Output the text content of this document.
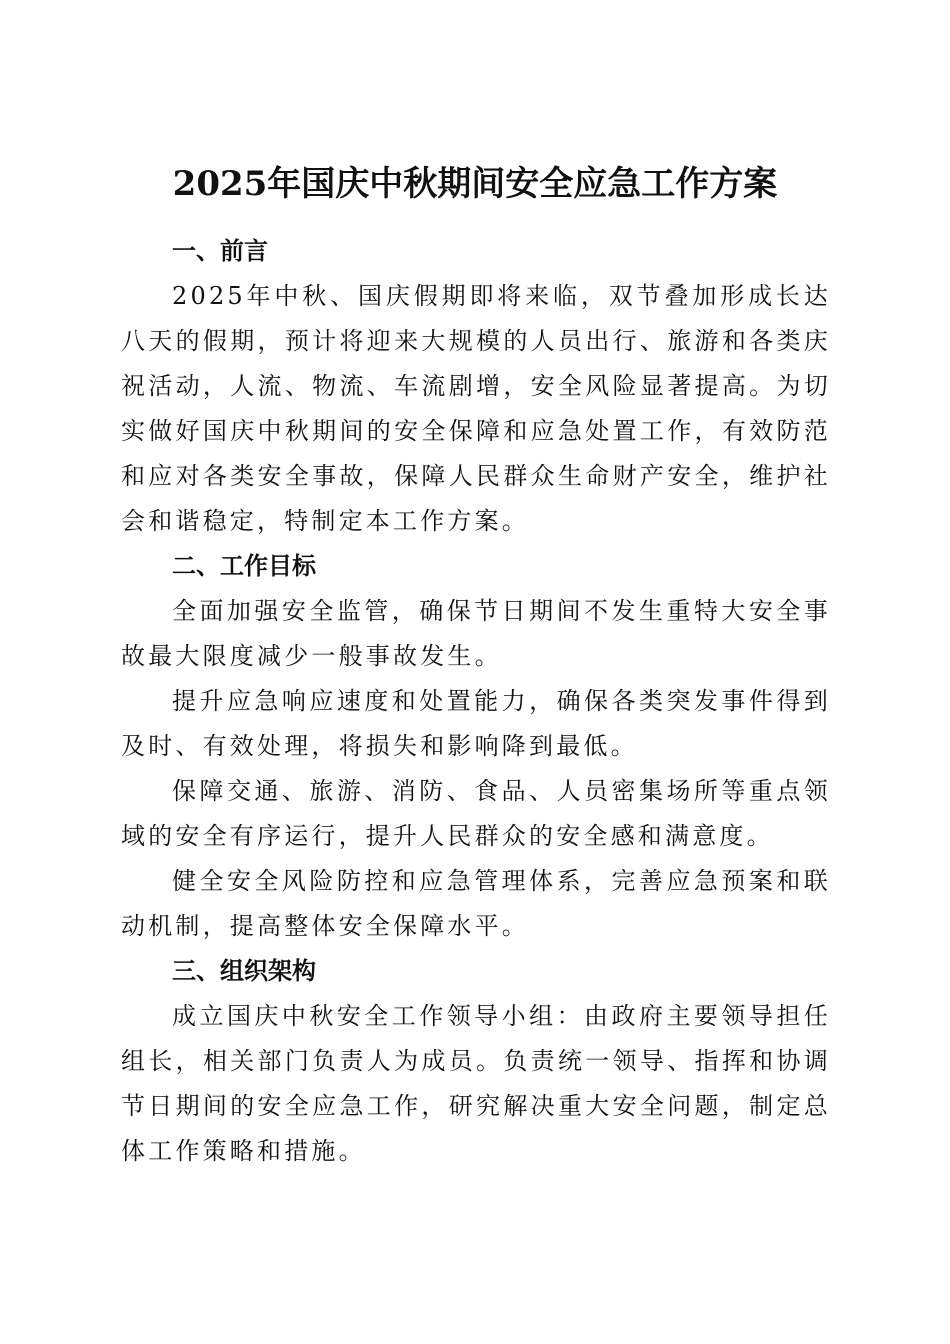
2025年国庆中秋期间安全应急工作方案
一、前言

2025年中秋、国庆假期即将来临，双节叠加形成长达八天的假期，预计将迎来大规模的人员出行、旅游和各类庆祝活动，人流、物流、车流剧增，安全风险显著提高。为切实做好国庆中秋期间的安全保障和应急处置工作，有效防范和应对各类安全事故，保障人民群众生命财产安全，维护社会和谐稳定，特制定本工作方案。

二、工作目标

全面加强安全监管，确保节日期间不发生重特大安全事故最大限度减少一般事故发生。

提升应急响应速度和处置能力，确保各类突发事件得到及时、有效处理，将损失和影响降到最低。

保障交通、旅游、消防、食品、人员密集场所等重点领域的安全有序运行，提升人民群众的安全感和满意度。

健全安全风险防控和应急管理体系，完善应急预案和联动机制，提高整体安全保障水平。

三、组织架构

成立国庆中秋安全工作领导小组：由政府主要领导担任组长，相关部门负责人为成员。负责统一领导、指挥和协调节日期间的安全应急工作，研究解决重大安全问题，制定总体工作策略和措施。
